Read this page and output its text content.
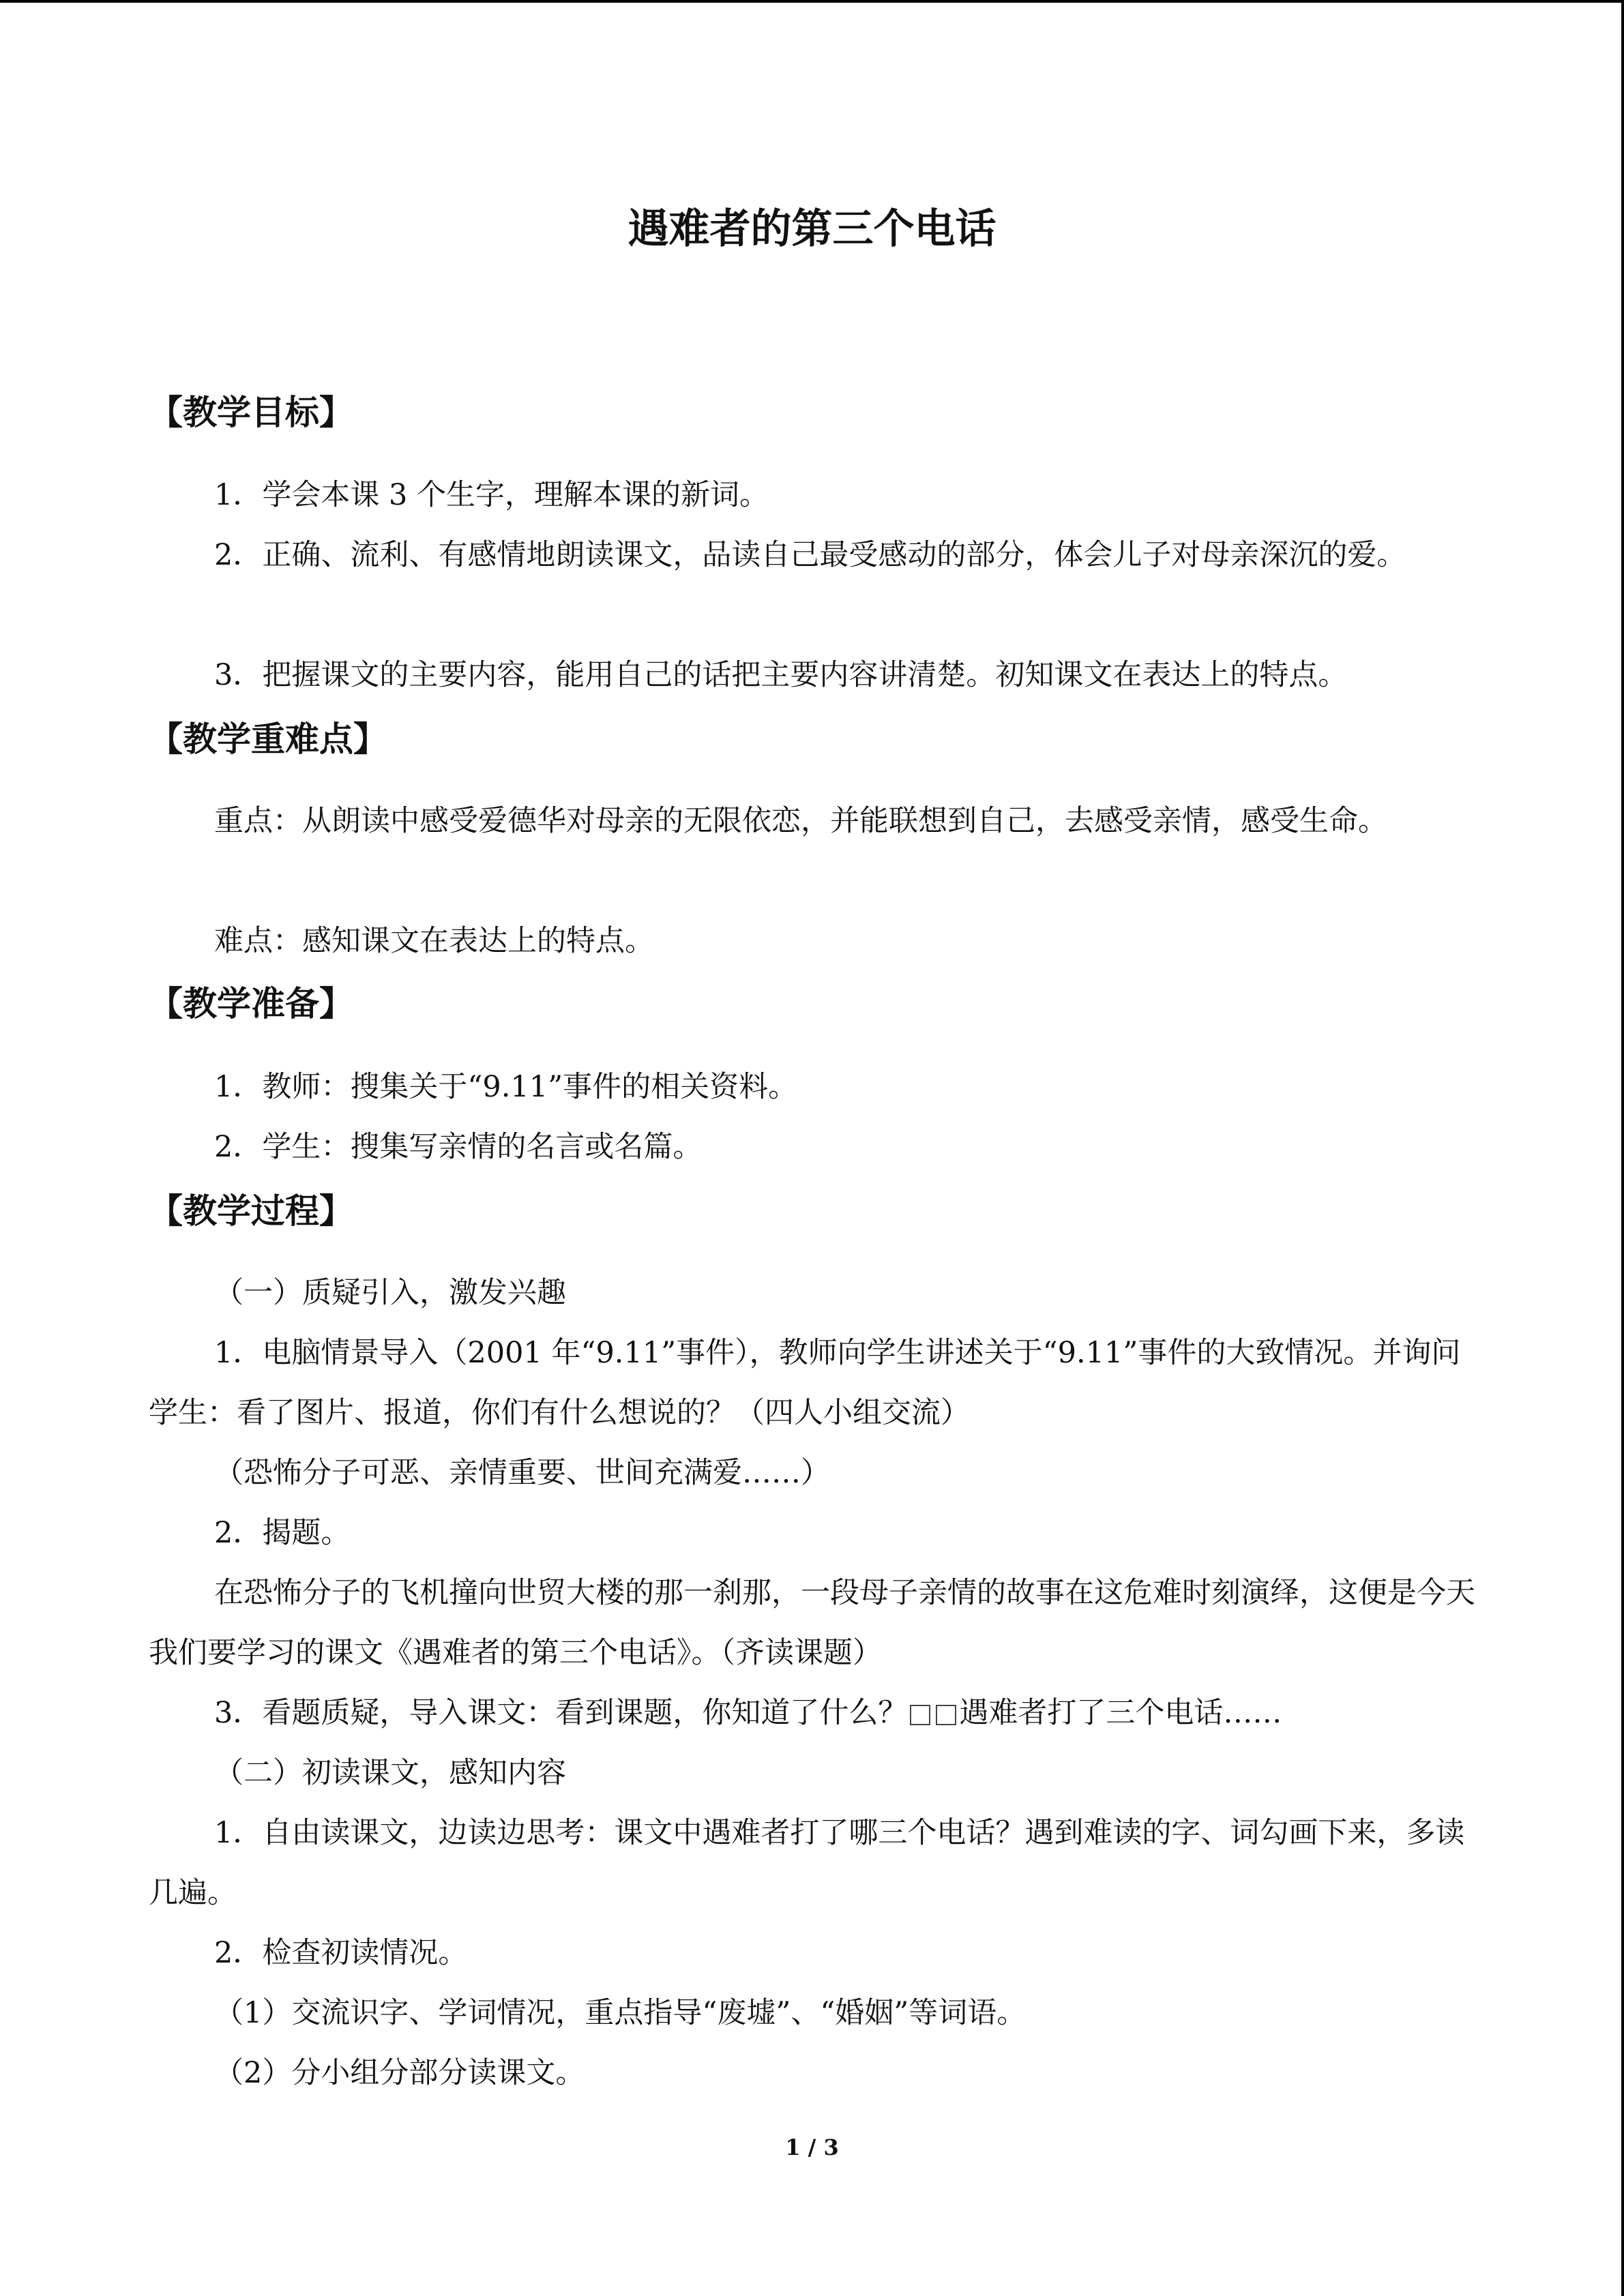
遇难者的第三个电话
【教学目标】

1．学会本课 3 个生字，理解本课的新词。

2．正确、流利、有感情地朗读课文，品读自己最受感动的部分，体会儿子对母亲深沉的爱。

3．把握课文的主要内容，能用自己的话把主要内容讲清楚。初知课文在表达上的特点。

【教学重难点】

重点：从朗读中感受爱德华对母亲的无限依恋，并能联想到自己，去感受亲情，感受生命。

难点：感知课文在表达上的特点。

【教学准备】

1．教师：搜集关于“9.11”事件的相关资料。

2．学生：搜集写亲情的名言或名篇。

【教学过程】

（一）质疑引入，激发兴趣

1．电脑情景导入（2001 年“9.11”事件），教师向学生讲述关于“9.11”事件的大致情况。并询问学生：看了图片、报道，你们有什么想说的？（四人小组交流）

（恐怖分子可恶、亲情重要、世间充满爱……）

2．揭题。

在恐怖分子的飞机撞向世贸大楼的那一刹那，一段母子亲情的故事在这危难时刻演绎，这便是今天我们要学习的课文《遇难者的第三个电话》。（齐读课题）

3．看题质疑，导入课文：看到课题，你知道了什么？ 遇难者打了三个电话……

（二）初读课文，感知内容

1．自由读课文，边读边思考：课文中遇难者打了哪三个电话？遇到难读的字、词勾画下来，多读几遍。

2．检查初读情况。

（1）交流识字、学词情况，重点指导“废墟”、“婚姻”等词语。

（2）分小组分部分读课文。

1 / 3
